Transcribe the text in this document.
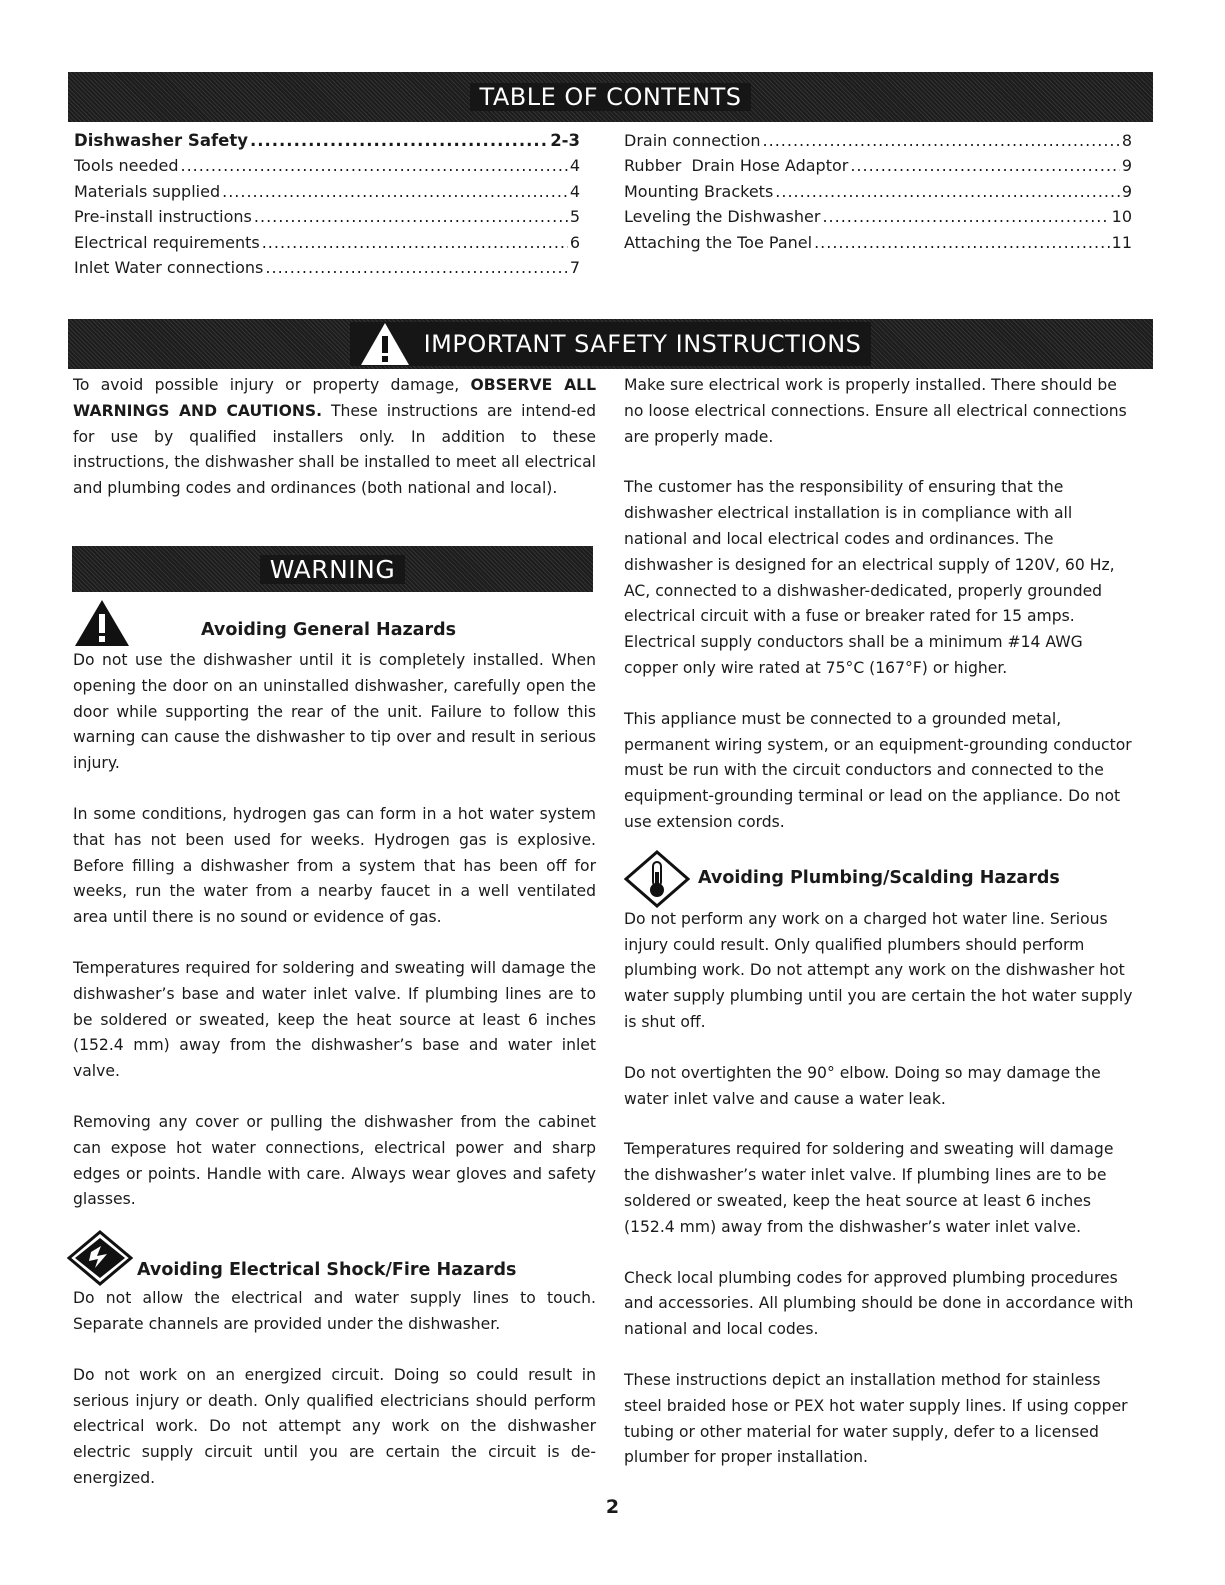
TABLE OF CONTENTS
Dishwasher Safety .....	2-3
Tools needed .....	4
Materials supplied .....	4
Pre-install instructions .....	5
Electrical requirements .....	6
Inlet Water connections .....	7
Drain connection .....	8
Rubber  Drain Hose Adaptor .....	9
Mounting Brackets .....	9
Leveling the Dishwasher .....	10
Attaching the Toe Panel .....	11
IMPORTANT SAFETY INSTRUCTIONS

To avoid possible injury or property damage, OBSERVE ALL WARNINGS AND CAUTIONS. These instructions are intend-ed for use by qualified installers only. In addition to these instructions, the dishwasher shall be installed to meet all electrical and plumbing codes and ordinances (both national and local).

WARNING
Avoiding General Hazards

Do not use the dishwasher until it is completely installed. When opening the door on an uninstalled dishwasher, carefully open the door while supporting the rear of the unit. Failure to follow this warning can cause the dishwasher to tip over and result in serious injury.

In some conditions, hydrogen gas can form in a hot water system that has not been used for weeks. Hydrogen gas is explosive. Before filling a dishwasher from a system that has been off for weeks, run the water from a nearby faucet in a well ventilated area until there is no sound or evidence of gas.

Temperatures required for soldering and sweating will damage the dishwasher’s base and water inlet valve. If plumbing lines are to be soldered or sweated, keep the heat source at least 6 inches (152.4 mm) away from the dishwasher’s base and water inlet valve.

Removing any cover or pulling the dishwasher from the cabinet can expose hot water connections, electrical power and sharp edges or points. Handle with care. Always wear gloves and safety glasses.

Avoiding Electrical Shock/Fire Hazards

Do not allow the electrical and water supply lines to touch. Separate channels are provided under the dishwasher.

Do not work on an energized circuit. Doing so could result in serious injury or death. Only qualified electricians should perform electrical work. Do not attempt any work on the dishwasher electric supply circuit until you are certain the circuit is de-energized.

Make sure electrical work is properly installed. There should be no loose electrical connections. Ensure all electrical connections are properly made.

The customer has the responsibility of ensuring that the dishwasher electrical installation is in compliance with all national and local electrical codes and ordinances. The dishwasher is designed for an electrical supply of 120V, 60 Hz, AC, connected to a dishwasher-dedicated, properly grounded electrical circuit with a fuse or breaker rated for 15 amps. Electrical supply conductors shall be a minimum #14 AWG copper only wire rated at 75°C (167°F) or higher.

This appliance must be connected to a grounded metal, permanent wiring system, or an equipment-grounding conductor must be run with the circuit conductors and connected to the equipment-grounding terminal or lead on the appliance. Do not use extension cords.

Avoiding Plumbing/Scalding Hazards

Do not perform any work on a charged hot water line. Serious injury could result. Only qualified plumbers should perform plumbing work. Do not attempt any work on the dishwasher hot water supply plumbing until you are certain the hot water supply is shut off.

Do not overtighten the 90° elbow. Doing so may damage the water inlet valve and cause a water leak.

Temperatures required for soldering and sweating will damage the dishwasher’s water inlet valve. If plumbing lines are to be soldered or sweated, keep the heat source at least 6 inches (152.4 mm) away from the dishwasher’s water inlet valve.

Check local plumbing codes for approved plumbing procedures and accessories. All plumbing should be done in accordance with national and local codes.

These instructions depict an installation method for stainless steel braided hose or PEX hot water supply lines. If using copper tubing or other material for water supply, defer to a licensed plumber for proper installation.

2
